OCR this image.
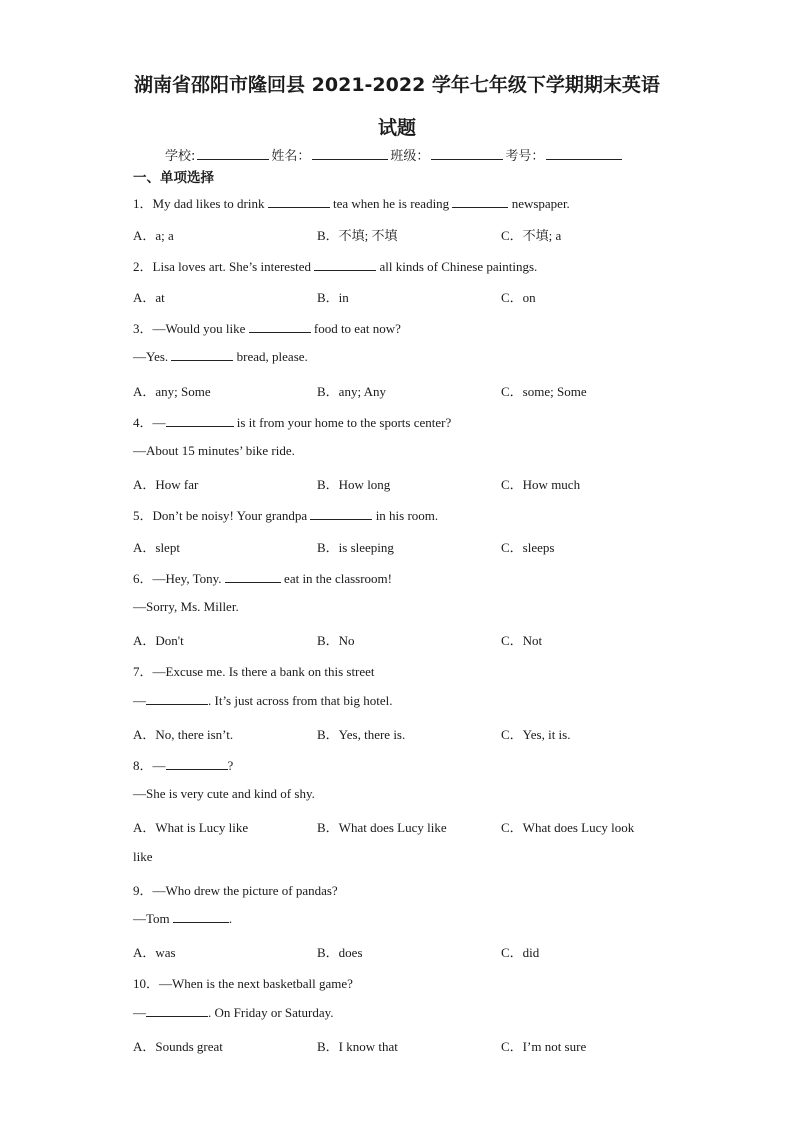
湖南省邵阳市隆回县 2021-2022 学年七年级下学期期末英语
试题
学校:	姓名：	班级：	考号：
一、单项选择
1．My dad likes to drink	tea when he is reading	newspaper.
A．a; a	B．不填; 不填	C．不填; a
2．Lisa loves art. She’s interested	all kinds of Chinese paintings.
A．at	B．in	C．on
3．—Would you like	food to eat now?
—Yes.	bread, please.
A．any; Some	B．any; Any	C．some; Some
4．—	is it from your home to the sports center?
—About 15 minutes’ bike ride.
A．How far	B．How long	C．How much
5．Don’t be noisy! Your grandpa	in his room.
A．slept	B．is sleeping	C．sleeps
6．—Hey, Tony.	eat in the classroom!
—Sorry, Ms. Miller.
A．Don't	B．No	C．Not
7．—Excuse me. Is there a bank on this street
—	. It’s just across from that big hotel.
A．No, there isn’t.	B．Yes, there is.	C．Yes, it is.
8．—	?
—She is very cute and kind of shy.
A．What is Lucy like	B．What does Lucy like	C．What does Lucy look
like
9．—Who drew the picture of pandas?
—Tom	.
A．was	B．does	C．did
10．—When is the next basketball game?
—	. On Friday or Saturday.
A．Sounds great	B．I know that	C．I’m not sure
